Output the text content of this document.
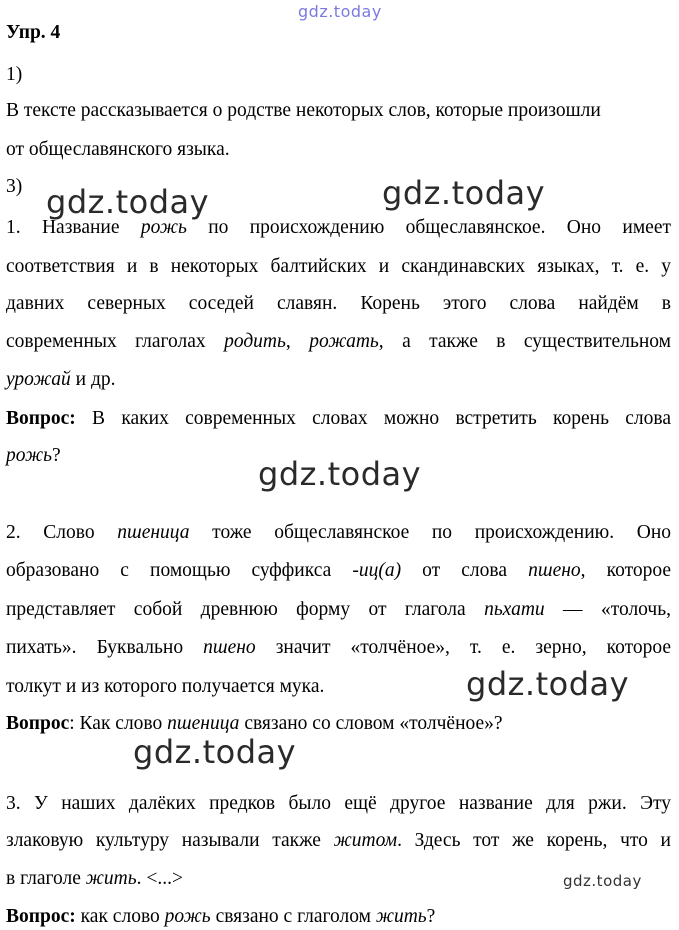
gdz.today
gdz.today	gdz.today
gdz.today
gdz.today
gdz.today
gdz.today
Упр. 4
1)
В тексте рассказывается о родстве некоторых слов, которые произошли
от общеславянского языка.
3)
1. Название рожь по происхождению общеславянское. Оно имеет
соответствия и в некоторых балтийских и скандинавских языках, т. е. у
давних северных соседей славян. Корень этого слова найдём в
современных глаголах родить, рожать, а также в существительном
урожай и др.
Вопрос: В каких современных словах можно встретить корень слова
рожь?
2. Слово пшеница тоже общеславянское по происхождению. Оно
образовано с помощью суффикса -иц(а) от слова пшено, которое
представляет собой древнюю форму от глагола пьхати — «толочь,
пихать». Буквально пшено значит «толчёное», т. е. зерно, которое
толкут и из которого получается мука.
Вопрос: Как слово пшеница связано со словом «толчёное»?
3. У наших далёких предков было ещё другое название для ржи. Эту
злаковую культуру называли также житом. Здесь тот же корень, что и
в глаголе жить. <...>
Вопрос: как слово рожь связано с глаголом жить?
